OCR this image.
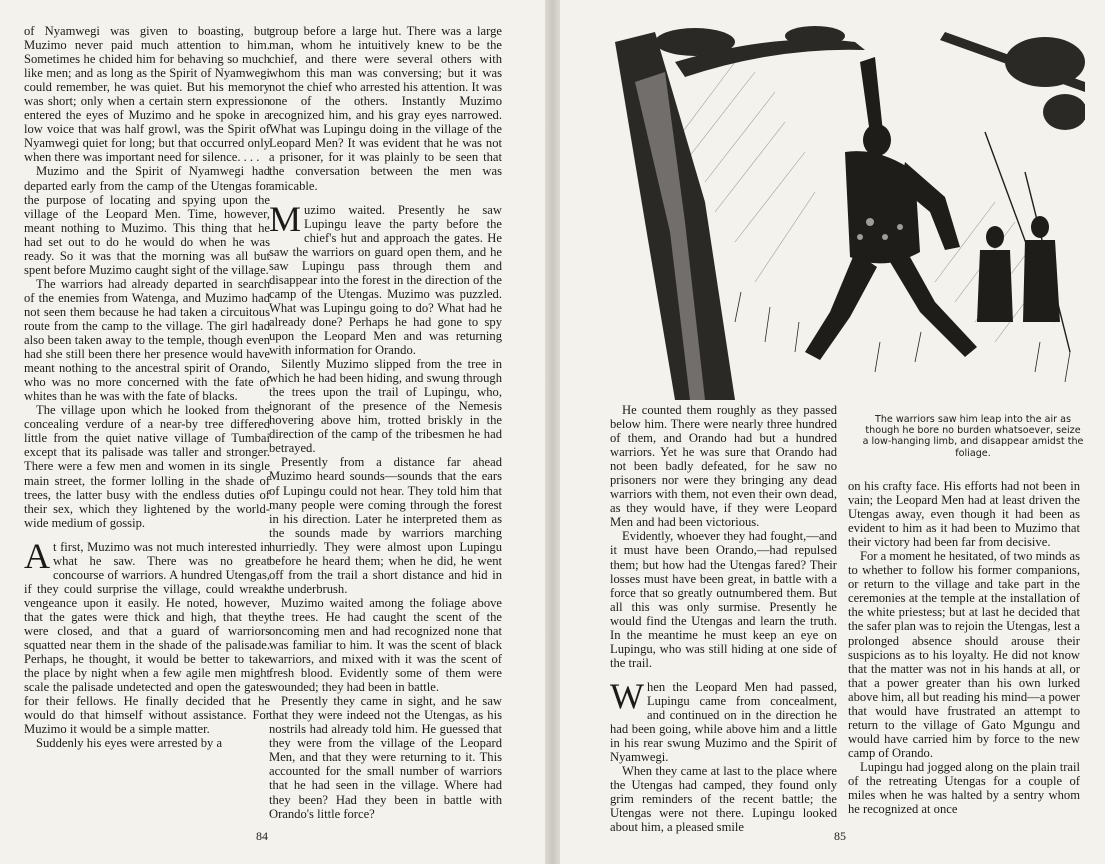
of Nyamwegi was given to boasting, but Muzimo never paid much attention to him. Sometimes he chided him for behaving so much like men; and as long as the Spirit of Nyamwegi could remember, he was quiet. But his memory was short; only when a certain stern expression entered the eyes of Muzimo and he spoke in a low voice that was half growl, was the Spirit of Nyamwegi quiet for long; but that occurred only when there was important need for silence. . . .

Muzimo and the Spirit of Nyamwegi had departed early from the camp of the Utengas for the purpose of locating and spying upon the village of the Leopard Men. Time, however, meant nothing to Muzimo. This thing that he had set out to do he would do when he was ready. So it was that the morning was all but spent before Muzimo caught sight of the village.

The warriors had already departed in search of the enemies from Watenga, and Muzimo had not seen them because he had taken a circuitous route from the camp to the village. The girl had also been taken away to the temple, though even had she still been there her presence would have meant nothing to the ancestral spirit of Orando, who was no more concerned with the fate of whites than he was with the fate of blacks.

The village upon which he looked from the concealing verdure of a near-by tree differed little from the quiet native village of Tumbai except that its palisade was taller and stronger. There were a few men and women in its single main street, the former lolling in the shade of trees, the latter busy with the endless duties of their sex, which they lightened by the world-wide medium of gossip.

At first, Muzimo was not much interested in what he saw. There was no great concourse of warriors. A hundred Utengas, if they could surprise the village, could wreak vengeance upon it easily. He noted, however, that the gates were thick and high, that they were closed, and that a guard of warriors squatted near them in the shade of the palisade. Perhaps, he thought, it would be better to take the place by night when a few agile men might scale the palisade undetected and open the gates for their fellows. He finally decided that he would do that himself without assistance. For Muzimo it would be a simple matter.

Suddenly his eyes were arrested by a

group before a large hut. There was a large man, whom he intuitively knew to be the chief, and there were several others with whom this man was conversing; but it was not the chief who arrested his attention. It was one of the others. Instantly Muzimo recognized him, and his gray eyes narrowed. What was Lupingu doing in the village of the Leopard Men? It was evident that he was not a prisoner, for it was plainly to be seen that the conversation between the men was amicable.

Muzimo waited. Presently he saw Lupingu leave the party before the chief's hut and approach the gates. He saw the warriors on guard open them, and he saw Lupingu pass through them and disappear into the forest in the direction of the camp of the Utengas. Muzimo was puzzled. What was Lupingu going to do? What had he already done? Perhaps he had gone to spy upon the Leopard Men and was returning with information for Orando.

Silently Muzimo slipped from the tree in which he had been hiding, and swung through the trees upon the trail of Lupingu, who, ignorant of the presence of the Nemesis hovering above him, trotted briskly in the direction of the camp of the tribesmen he had betrayed.

Presently from a distance far ahead Muzimo heard sounds—sounds that the ears of Lupingu could not hear. They told him that many people were coming through the forest in his direction. Later he interpreted them as the sounds made by warriors marching hurriedly. They were almost upon Lupingu before he heard them; when he did, he went off from the trail a short distance and hid in the underbrush.

Muzimo waited among the foliage above the trees. He had caught the scent of the oncoming men and had recognized none that was familiar to him. It was the scent of black warriors, and mixed with it was the scent of fresh blood. Evidently some of them were wounded; they had been in battle.

Presently they came in sight, and he saw that they were indeed not the Utengas, as his nostrils had already told him. He guessed that they were from the village of the Leopard Men, and that they were returning to it. This accounted for the small number of warriors that he had seen in the village. Where had they been? Had they been in battle with Orando's little force?

84
The warriors saw him leap into the air as though he bore no burden whatsoever, seize a low-hanging limb, and disappear amidst the foliage.

He counted them roughly as they passed below him. There were nearly three hundred of them, and Orando had but a hundred warriors. Yet he was sure that Orando had not been badly defeated, for he saw no prisoners nor were they bringing any dead warriors with them, not even their own dead, as they would have, if they were Leopard Men and had been victorious.

Evidently, whoever they had fought,—and it must have been Orando,—had repulsed them; but how had the Utengas fared? Their losses must have been great, in battle with a force that so greatly outnumbered them. But all this was only surmise. Presently he would find the Utengas and learn the truth. In the meantime he must keep an eye on Lupingu, who was still hiding at one side of the trail.

When the Leopard Men had passed, Lupingu came from concealment, and continued on in the direction he had been going, while above him and a little in his rear swung Muzimo and the Spirit of Nyamwegi.

When they came at last to the place where the Utengas had camped, they found only grim reminders of the recent battle; the Utengas were not there. Lupingu looked about him, a pleased smile

on his crafty face. His efforts had not been in vain; the Leopard Men had at least driven the Utengas away, even though it had been as evident to him as it had been to Muzimo that their victory had been far from decisive.

For a moment he hesitated, of two minds as to whether to follow his former companions, or return to the village and take part in the ceremonies at the temple at the installation of the white priestess; but at last he decided that the safer plan was to rejoin the Utengas, lest a prolonged absence should arouse their suspicions as to his loyalty. He did not know that the matter was not in his hands at all, or that a power greater than his own lurked above him, all but reading his mind—a power that would have frustrated an attempt to return to the village of Gato Mgungu and would have carried him by force to the new camp of Orando.

Lupingu had jogged along on the plain trail of the retreating Utengas for a couple of miles when he was halted by a sentry whom he recognized at once

85
